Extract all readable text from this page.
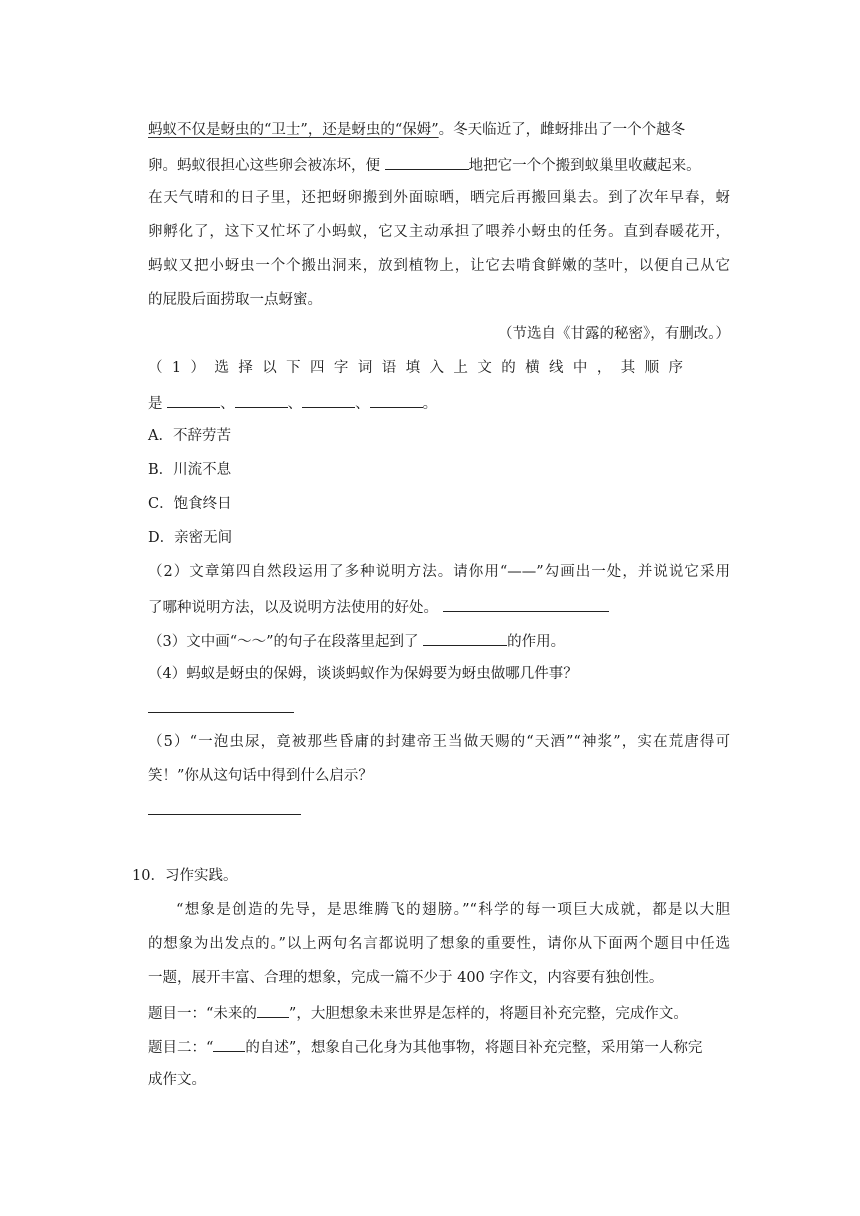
蚂蚁不仅是蚜虫的“卫士”，还是蚜虫的“保姆”。冬天临近了，雌蚜排出了一个个越冬
卵。蚂蚁很担心这些卵会被冻坏，便	地把它一个个搬到蚁巢里收藏起来。
在天气晴和的日子里，还把蚜卵搬到外面晾晒，晒完后再搬回巢去。到了次年早春，蚜
卵孵化了，这下又忙坏了小蚂蚁，它又主动承担了喂养小蚜虫的任务。直到春暖花开，
蚂蚁又把小蚜虫一个个搬出洞来，放到植物上，让它去啃食鲜嫩的茎叶，以便自己从它
的屁股后面捞取一点蚜蜜。
（节选自《甘露的秘密》，有删改。）
（1）选择以下四字词语填入上文的横线中，其顺序
是	、	、	、	。
A．不辞劳苦
B．川流不息
C．饱食终日
D．亲密无间
（2）文章第四自然段运用了多种说明方法。请你用“——”勾画出一处，并说说它采用
了哪种说明方法，以及说明方法使用的好处。
（3）文中画“～～”的句子在段落里起到了	的作用。
（4）蚂蚁是蚜虫的保姆，谈谈蚂蚁作为保姆要为蚜虫做哪几件事？
（5）“一泡虫尿，竟被那些昏庸的封建帝王当做天赐的“天酒”“神浆”，实在荒唐得可
笑！”你从这句话中得到什么启示？
10．习作实践。
“想象是创造的先导，是思维腾飞的翅膀。”“科学的每一项巨大成就，都是以大胆
的想象为出发点的。”以上两句名言都说明了想象的重要性，请你从下面两个题目中任选
一题，展开丰富、合理的想象，完成一篇不少于 400 字作文，内容要有独创性。
题目一：“未来的 ”，大胆想象未来世界是怎样的，将题目补充完整，完成作文。
题目二：“ 的自述”，想象自己化身为其他事物，将题目补充完整，采用第一人称完
成作文。
